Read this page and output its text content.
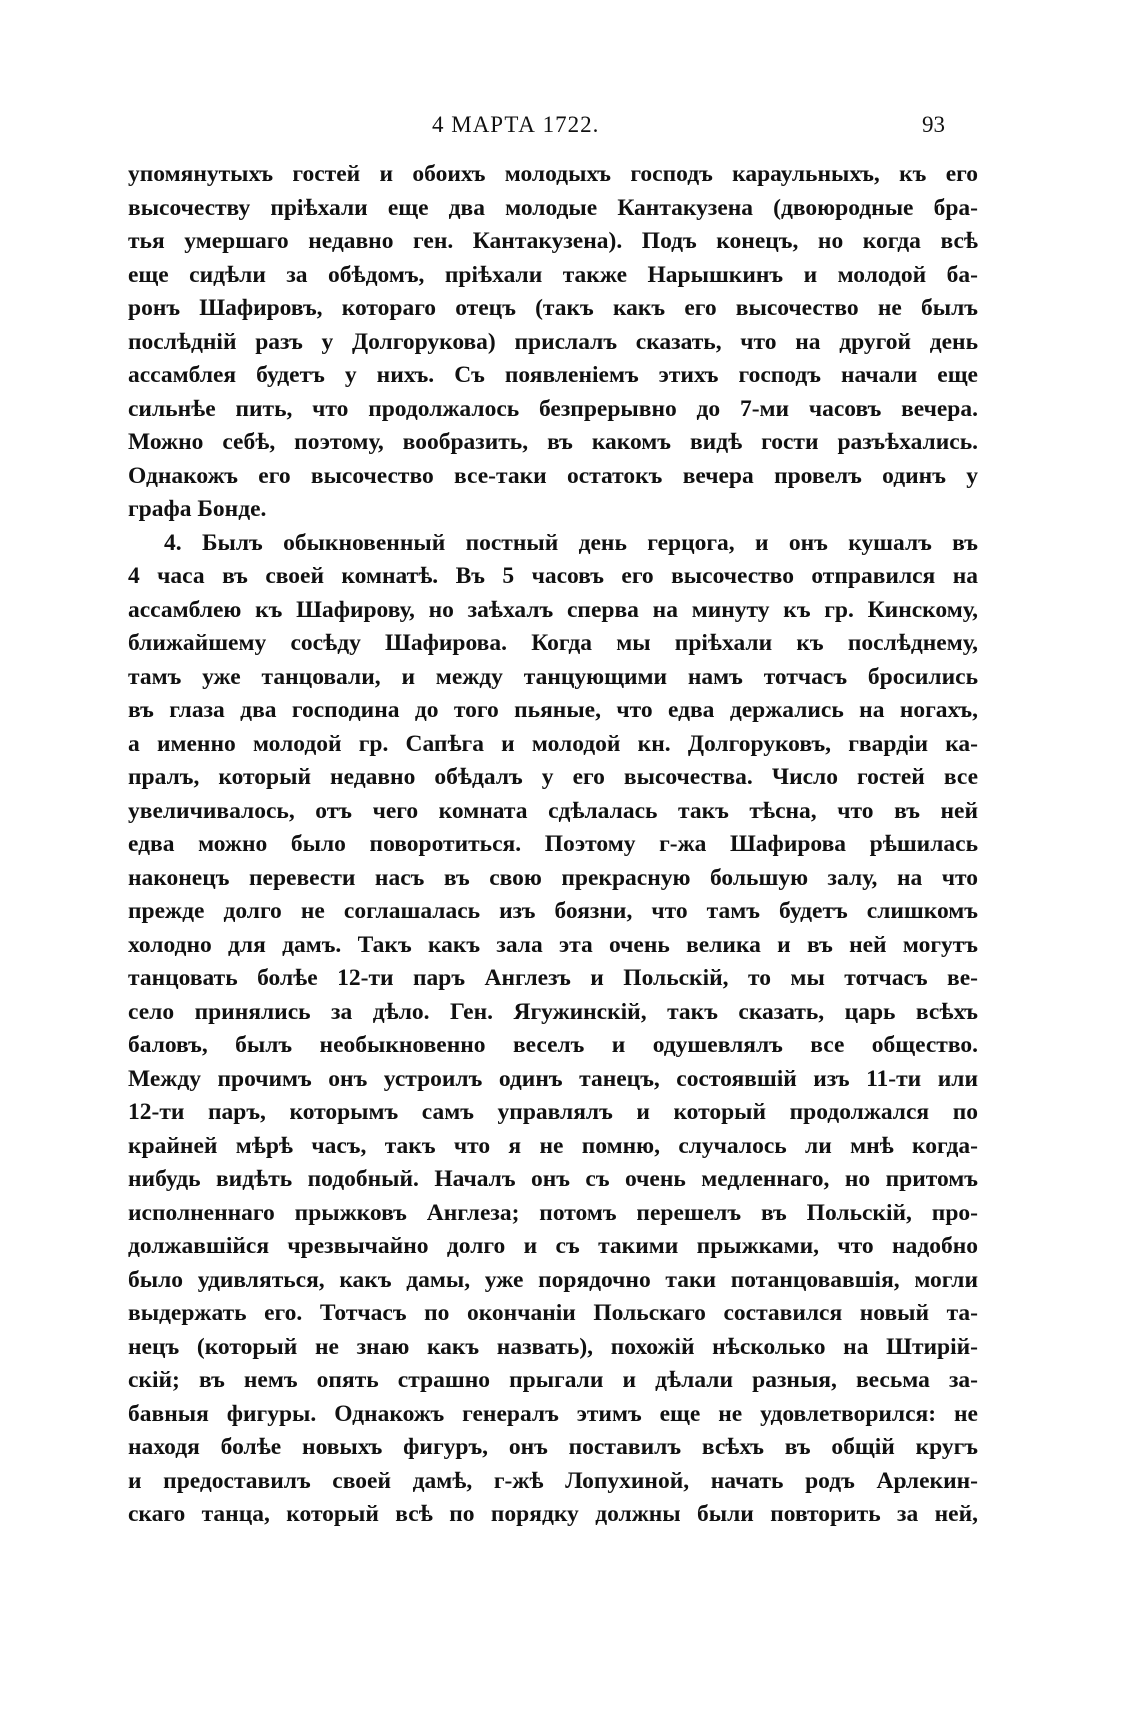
4 МАРТА 1722.	93
упомянутыхъ гостей и обоихъ молодыхъ господъ караульныхъ, къ его
высочеству пріѣхали еще два молодые Кантакузена (двоюродные бра-
тья умершаго недавно ген. Кантакузена). Подъ конецъ, но когда всѣ
еще сидѣли за обѣдомъ, пріѣхали также Нарышкинъ и молодой ба-
ронъ Шафировъ, котораго отецъ (такъ какъ его высочество не былъ
послѣдній разъ у Долгорукова) прислалъ сказать, что на другой день
ассамблея будетъ у нихъ. Съ появленіемъ этихъ господъ начали еще
сильнѣе пить, что продолжалось безпрерывно до 7-ми часовъ вечера.
Можно себѣ, поэтому, вообразить, въ какомъ видѣ гости разъѣхались.
Однакожъ его высочество все-таки остатокъ вечера провелъ одинъ у
графа Бонде.
4. Былъ обыкновенный постный день герцога, и онъ кушалъ въ
4 часа въ своей комнатѣ. Въ 5 часовъ его высочество отправился на
ассамблею къ Шафирову, но заѣхалъ сперва на минуту къ гр. Кинскому,
ближайшему сосѣду Шафирова. Когда мы пріѣхали къ послѣднему,
тамъ уже танцовали, и между танцующими намъ тотчасъ бросились
въ глаза два господина до того пьяные, что едва держались на ногахъ,
а именно молодой гр. Сапѣга и молодой кн. Долгоруковъ, гвардіи ка-
пралъ, который недавно обѣдалъ у его высочества. Число гостей все
увеличивалось, отъ чего комната сдѣлалась такъ тѣсна, что въ ней
едва можно было поворотиться. Поэтому г-жа Шафирова рѣшилась
наконецъ перевести насъ въ свою прекрасную большую залу, на что
прежде долго не соглашалась изъ боязни, что тамъ будетъ слишкомъ
холодно для дамъ. Такъ какъ зала эта очень велика и въ ней могутъ
танцовать болѣе 12-ти паръ Англезъ и Польскій, то мы тотчасъ ве-
село принялись за дѣло. Ген. Ягужинскій, такъ сказать, царь всѣхъ
баловъ, былъ необыкновенно веселъ и одушевлялъ все общество.
Между прочимъ онъ устроилъ одинъ танецъ, состоявшій изъ 11-ти или
12-ти паръ, которымъ самъ управлялъ и который продолжался по
крайней мѣрѣ часъ, такъ что я не помню, случалось ли мнѣ когда-
нибудь видѣть подобный. Началъ онъ съ очень медленнаго, но притомъ
исполненнаго прыжковъ Англеза; потомъ перешелъ въ Польскій, про-
должавшійся чрезвычайно долго и съ такими прыжками, что надобно
было удивляться, какъ дамы, уже порядочно таки потанцовавшія, могли
выдержать его. Тотчасъ по окончаніи Польскаго составился новый та-
нецъ (который не знаю какъ назвать), похожій нѣсколько на Штирій-
скій; въ немъ опять страшно прыгали и дѣлали разныя, весьма за-
бавныя фигуры. Однакожъ генералъ этимъ еще не удовлетворился: не
находя болѣе новыхъ фигуръ, онъ поставилъ всѣхъ въ общій кругъ
и предоставилъ своей дамѣ, г-жѣ Лопухиной, начать родъ Арлекин-
скаго танца, который всѣ по порядку должны были повторить за ней,
